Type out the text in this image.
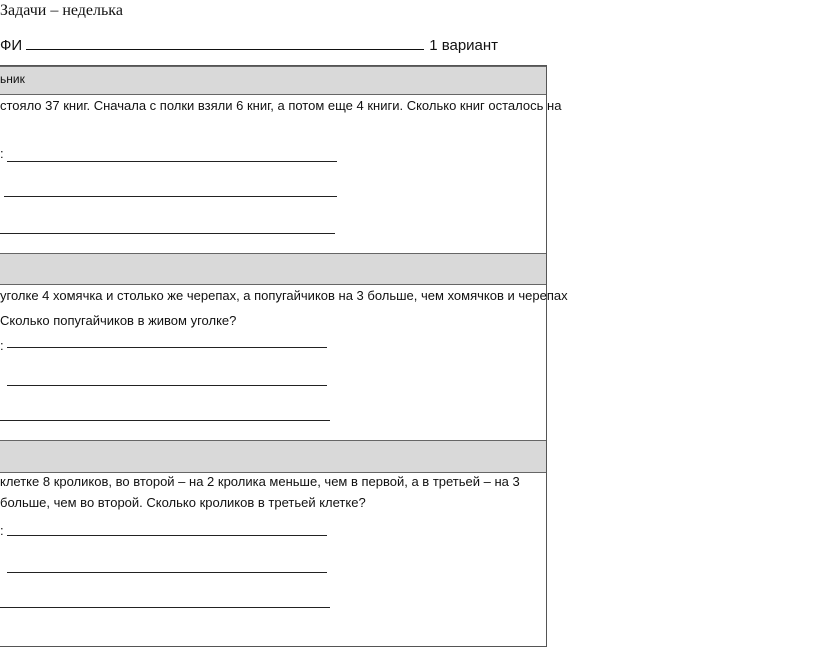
Задачи – неделька
ФИ	1 вариант
ьник
стояло 37 книг. Сначала с полки взяли 6 книг, а потом еще 4 книги. Сколько книг осталось на
:
уголке 4 хомячка и столько же черепах, а попугайчиков на 3 больше, чем хомячков и черепах
Сколько попугайчиков в живом уголке?
:
клетке 8 кроликов, во второй – на 2 кролика меньше, чем в первой, а в третьей – на 3
больше, чем во второй. Сколько кроликов в третьей клетке?
:
